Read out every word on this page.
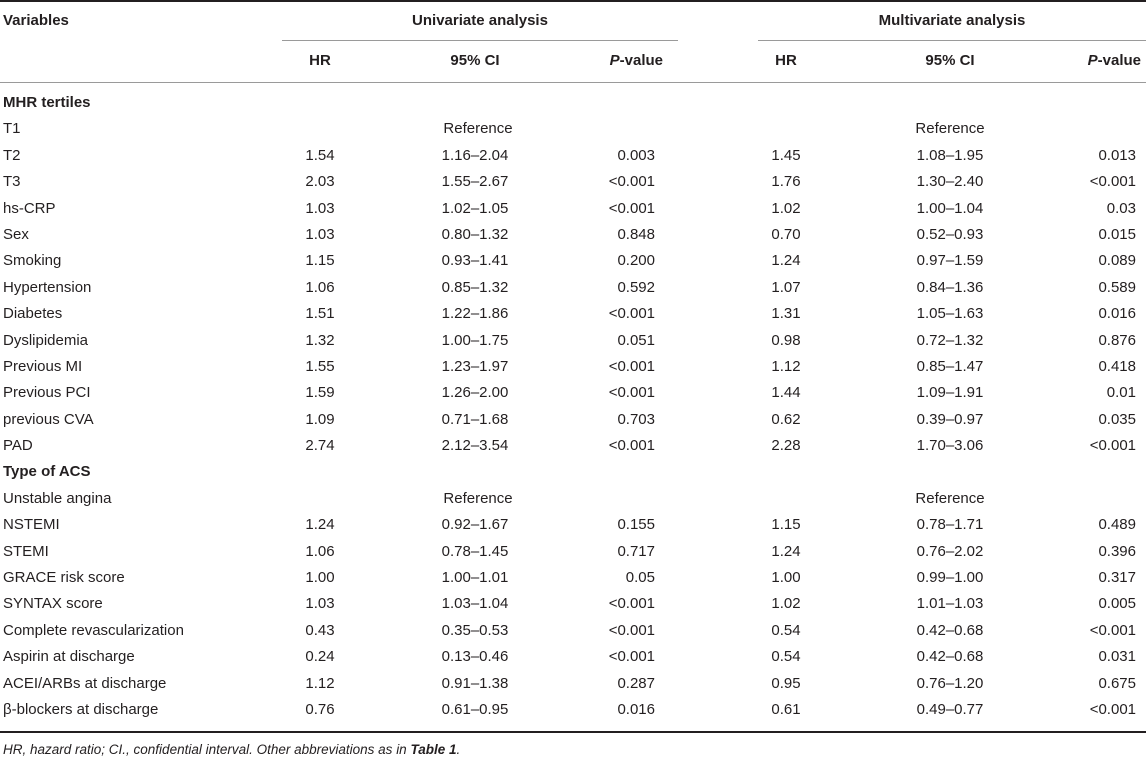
Variables	Univariate analysis	Multivariate analysis
HR	95% CI	P-value	HR	95% CI	P-value
MHR tertiles
T1	Reference	Reference
T2	1.54	1.16–2.04	0.003	1.45	1.08–1.95	0.013
T3	2.03	1.55–2.67	<0.001	1.76	1.30–2.40	<0.001
hs-CRP	1.03	1.02–1.05	<0.001	1.02	1.00–1.04	0.03
Sex	1.03	0.80–1.32	0.848	0.70	0.52–0.93	0.015
Smoking	1.15	0.93–1.41	0.200	1.24	0.97–1.59	0.089
Hypertension	1.06	0.85–1.32	0.592	1.07	0.84–1.36	0.589
Diabetes	1.51	1.22–1.86	<0.001	1.31	1.05–1.63	0.016
Dyslipidemia	1.32	1.00–1.75	0.051	0.98	0.72–1.32	0.876
Previous MI	1.55	1.23–1.97	<0.001	1.12	0.85–1.47	0.418
Previous PCI	1.59	1.26–2.00	<0.001	1.44	1.09–1.91	0.01
previous CVA	1.09	0.71–1.68	0.703	0.62	0.39–0.97	0.035
PAD	2.74	2.12–3.54	<0.001	2.28	1.70–3.06	<0.001
Type of ACS
Unstable angina	Reference	Reference
NSTEMI	1.24	0.92–1.67	0.155	1.15	0.78–1.71	0.489
STEMI	1.06	0.78–1.45	0.717	1.24	0.76–2.02	0.396
GRACE risk score	1.00	1.00–1.01	0.05	1.00	0.99–1.00	0.317
SYNTAX score	1.03	1.03–1.04	<0.001	1.02	1.01–1.03	0.005
Complete revascularization	0.43	0.35–0.53	<0.001	0.54	0.42–0.68	<0.001
Aspirin at discharge	0.24	0.13–0.46	<0.001	0.54	0.42–0.68	0.031
ACEI/ARBs at discharge	1.12	0.91–1.38	0.287	0.95	0.76–1.20	0.675
β-blockers at discharge	0.76	0.61–0.95	0.016	0.61	0.49–0.77	<0.001
HR, hazard ratio; CI., confidential interval. Other abbreviations as in Table 1.
